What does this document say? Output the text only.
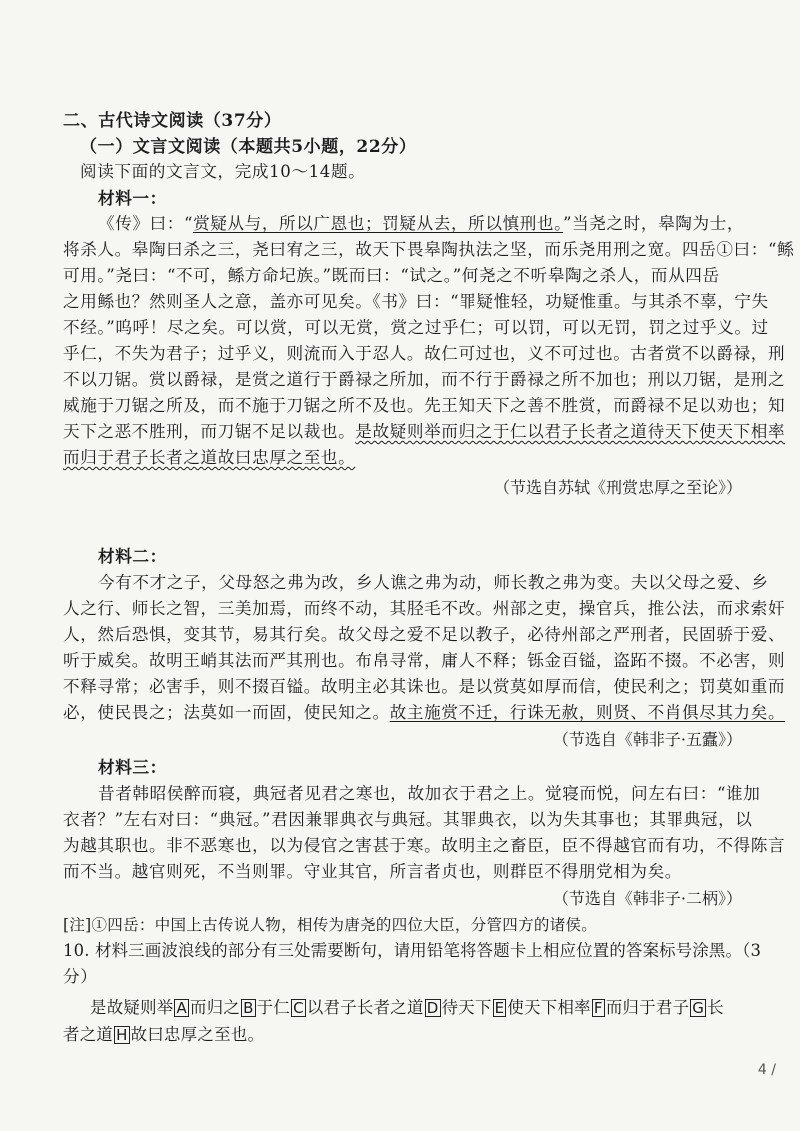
二、古代诗文阅读（37分）
（一）文言文阅读（本题共5小题，22分）
阅读下面的文言文，完成10～14题。
材料一：
《传》曰：“赏疑从与，所以广恩也；罚疑从去，所以慎刑也。”当尧之时，皋陶为士，
将杀人。皋陶曰杀之三，尧曰宥之三，故天下畏皋陶执法之坚，而乐尧用刑之宽。四岳①曰：“鲧
可用。”尧曰：“不可，鲧方命圮族。”既而曰：“试之。”何尧之不听皋陶之杀人，而从四岳
之用鲧也？然则圣人之意，盖亦可见矣。《书》曰：“罪疑惟轻，功疑惟重。与其杀不辜，宁失
不经。”呜呼！尽之矣。可以赏，可以无赏，赏之过乎仁；可以罚，可以无罚，罚之过乎义。过
乎仁，不失为君子；过乎义，则流而入于忍人。故仁可过也，义不可过也。古者赏不以爵禄，刑
不以刀锯。赏以爵禄，是赏之道行于爵禄之所加，而不行于爵禄之所不加也；刑以刀锯，是刑之
威施于刀锯之所及，而不施于刀锯之所不及也。先王知天下之善不胜赏，而爵禄不足以劝也；知
天下之恶不胜刑，而刀锯不足以裁也。是故疑则举而归之于仁以君子长者之道待天下使天下相率
而归于君子长者之道故曰忠厚之至也。
（节选自苏轼《刑赏忠厚之至论》）
材料二：
今有不才之子，父母怒之弗为改，乡人谯之弗为动，师长教之弗为变。夫以父母之爱、乡
人之行、师长之智，三美加焉，而终不动，其胫毛不改。州部之吏，操官兵，推公法，而求索奸
人，然后恐惧，变其节，易其行矣。故父母之爱不足以教子，必待州部之严刑者，民固骄于爱、
听于威矣。故明王峭其法而严其刑也。布帛寻常，庸人不释；铄金百镒，盗跖不掇。不必害，则
不释寻常；必害手，则不掇百镒。故明主必其诛也。是以赏莫如厚而信，使民利之；罚莫如重而
必，使民畏之；法莫如一而固，使民知之。故主施赏不迁，行诛无赦，则贤、不肖俱尽其力矣。
（节选自《韩非子·五蠹》）
材料三：
昔者韩昭侯醉而寝，典冠者见君之寒也，故加衣于君之上。觉寝而悦，问左右曰：“谁加
衣者？”左右对曰：“典冠。”君因兼罪典衣与典冠。其罪典衣，以为失其事也；其罪典冠，以
为越其职也。非不恶寒也，以为侵官之害甚于寒。故明主之畜臣，臣不得越官而有功，不得陈言
而不当。越官则死，不当则罪。守业其官，所言者贞也，则群臣不得朋党相为矣。
（节选自《韩非子·二柄》）
[注]①四岳：中国上古传说人物，相传为唐尧的四位大臣，分管四方的诸侯。
10. 材料三画波浪线的部分有三处需要断句，请用铅笔将答题卡上相应位置的答案标号涂黑。（3
分）
是故疑则举 A 而归之 B 于仁 C 以君子长者之道 D 待天下 E 使天下相率 F 而归于君子 G 长
者之道 H 故曰忠厚之至也。
4 /
